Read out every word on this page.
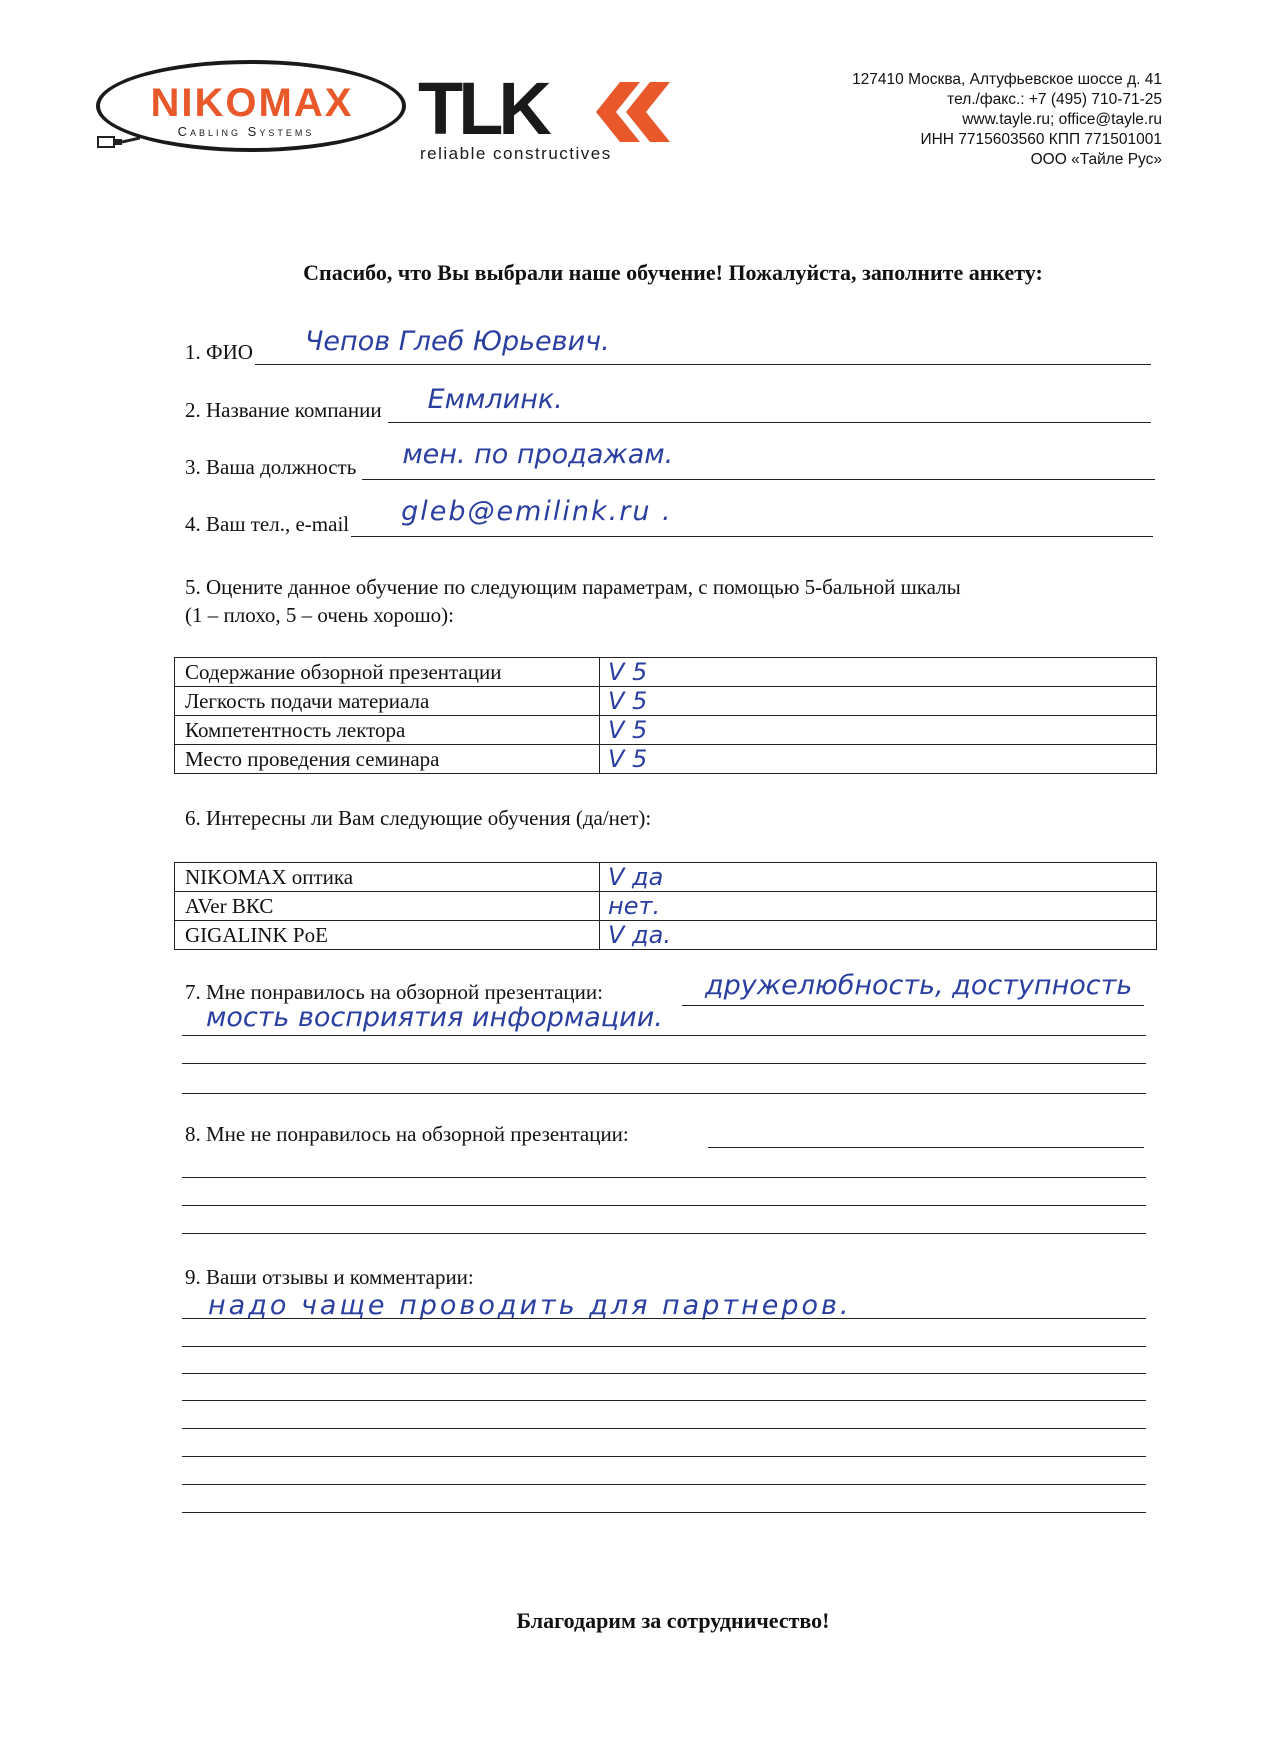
NIKOMAX
Cabling Systems	TLK
reliable constructives
127410 Москва, Алтуфьевское шоссе д. 41
тел./факс.: +7 (495) 710-71-25
www.tayle.ru; office@tayle.ru
ИНН 7715603560 КПП 771501001
ООО «Тайле Рус»
Спасибо, что Вы выбрали наше обучение! Пожалуйста, заполните анкету:
1. ФИО Чепов Глеб Юрьевич.
2. Название компании Еммлинк.
3. Ваша должность мен. по продажам.
4. Ваш тел., e-mail gleb@emilink.ru .
5. Оцените данное обучение по следующим параметрам, с помощью 5-бальной шкалы
(1 – плохо, 5 – очень хорошо):
Содержание обзорной презентации	V 5
Легкость подачи материала	V 5
Компетентность лектора	V 5
Место проведения семинара	V 5
6. Интересны ли Вам следующие обучения (да/нет):
NIKOMAX оптика	V да
AVer ВКС	нет.
GIGALINK PoE	V да.
7. Мне понравилось на обзорной презентации:	дружелюбность, доступность
мость восприятия информации.
8. Мне не понравилось на обзорной презентации:
9. Ваши отзывы и комментарии:
надо чаще проводить для партнеров.
Благодарим за сотрудничество!
